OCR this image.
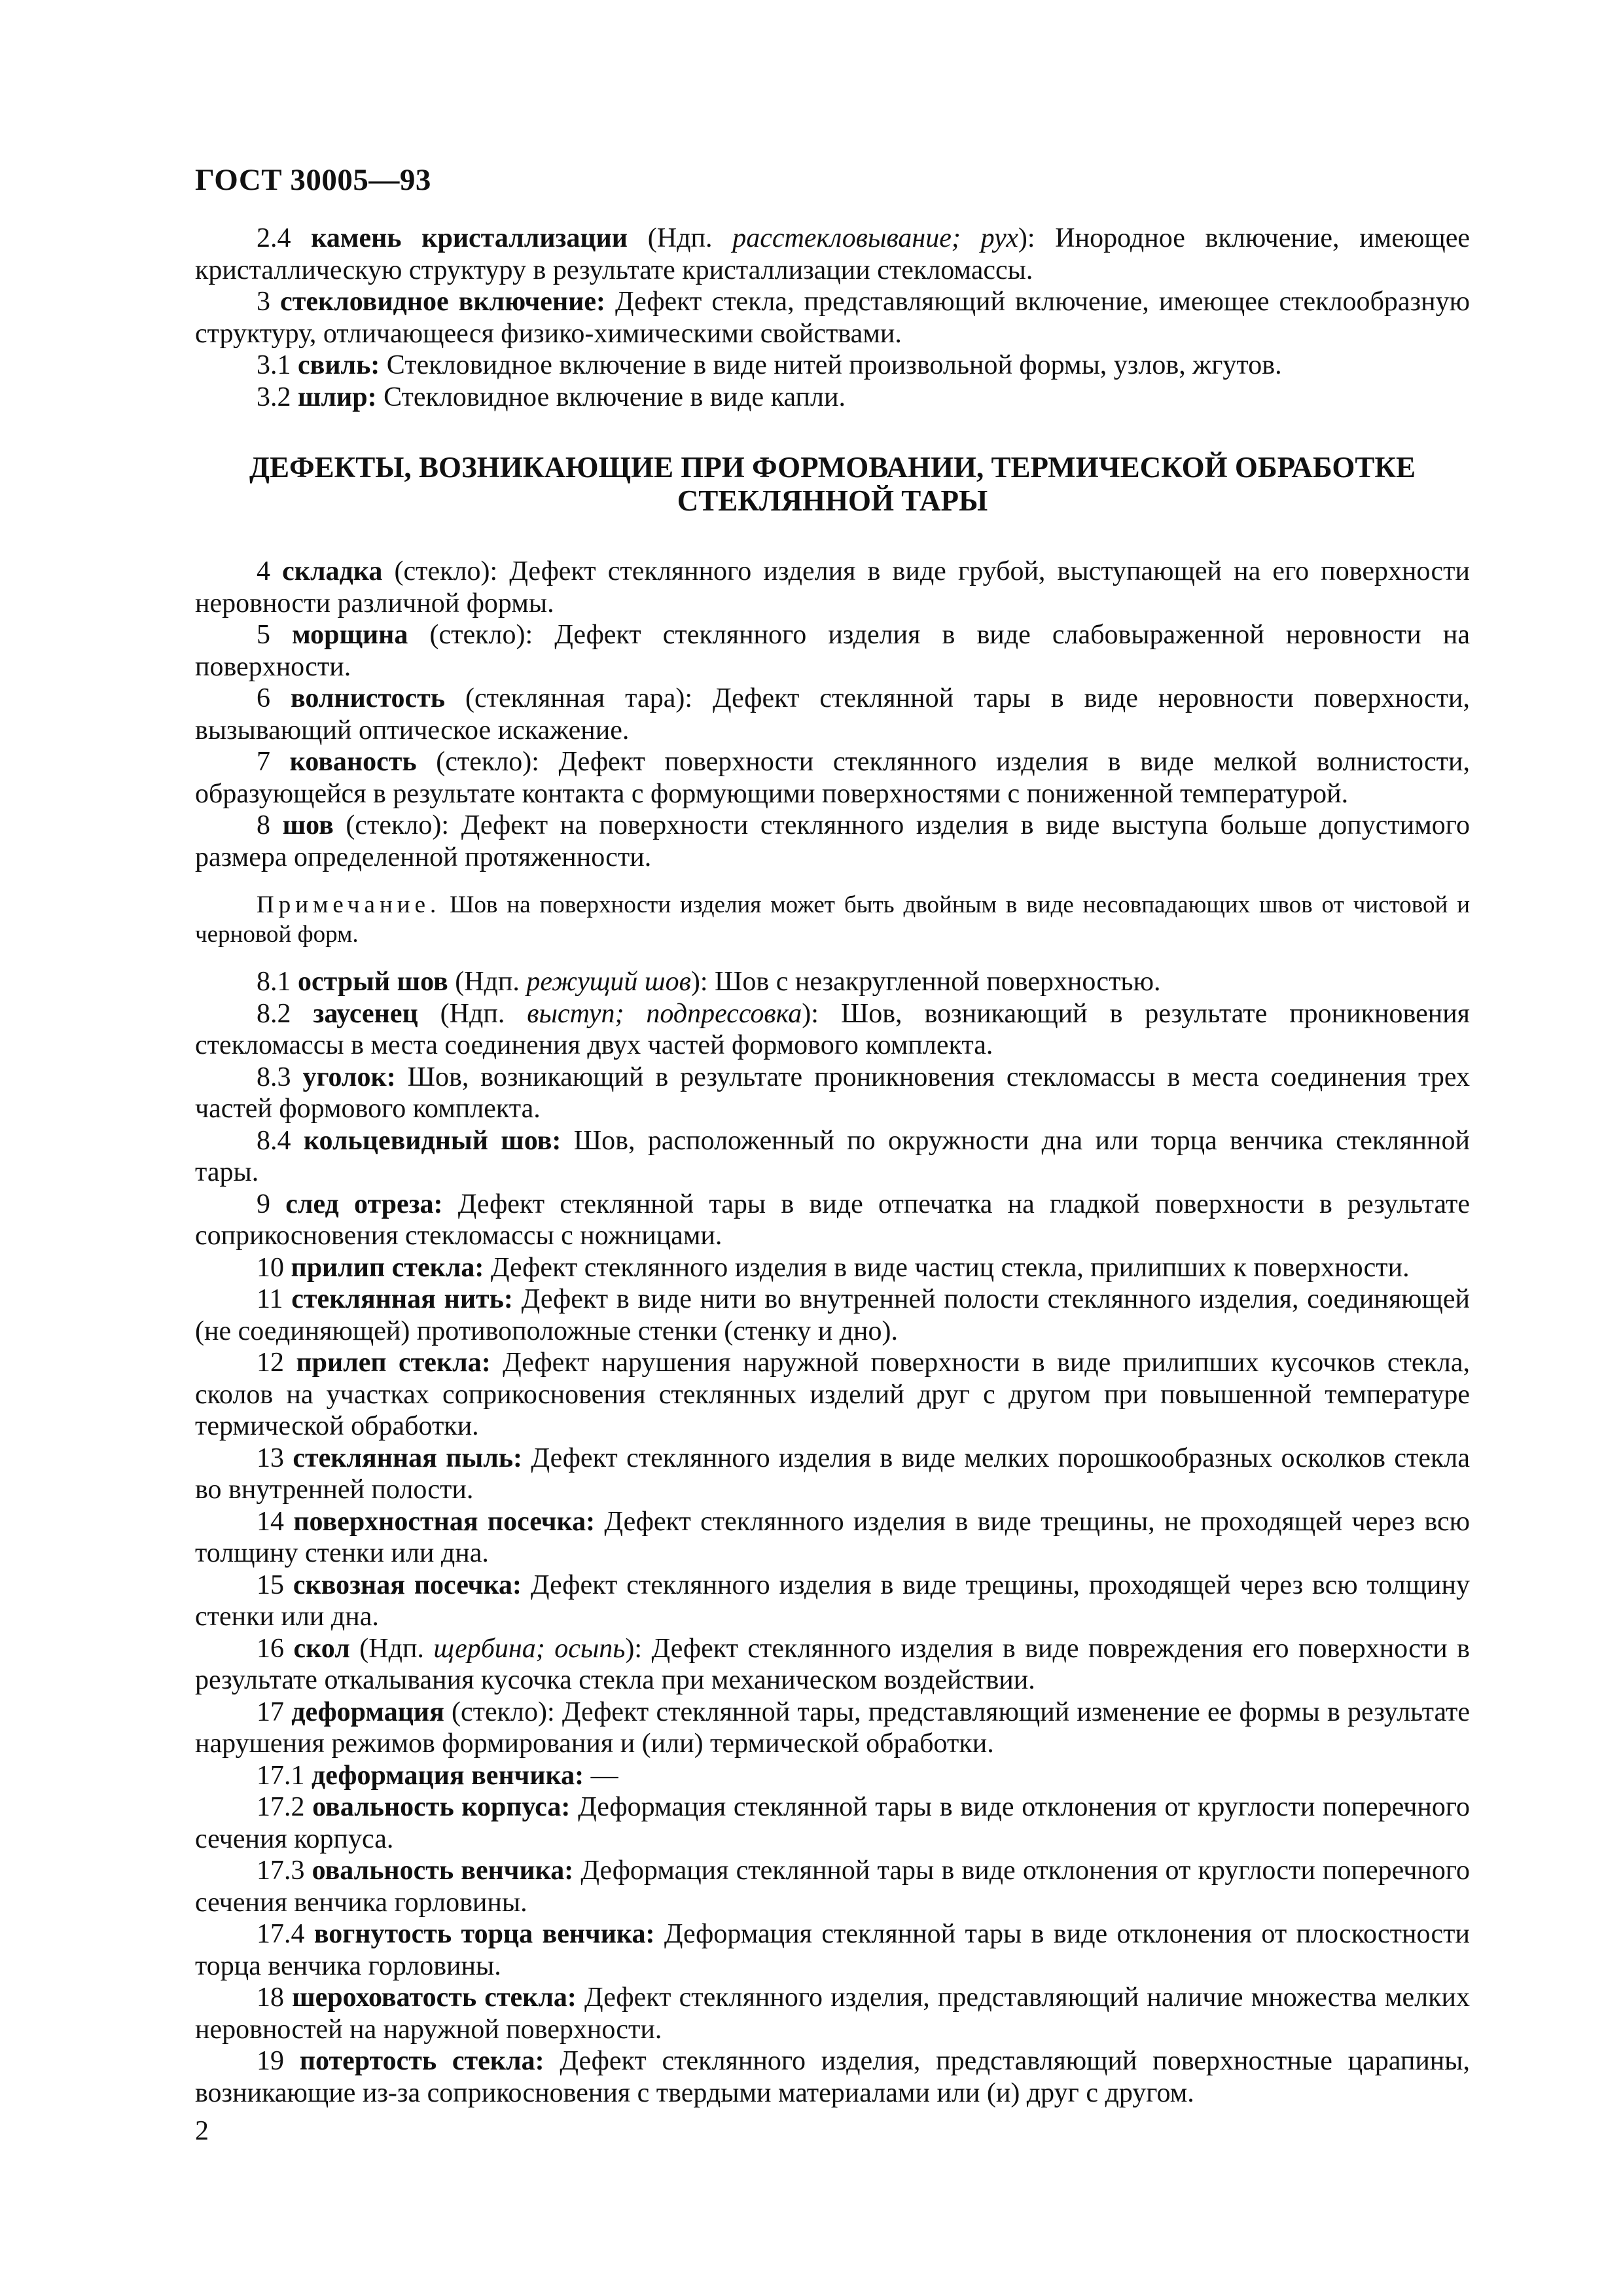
ГОСТ 30005—93

2.4 камень кристаллизации (Ндп. расстекловывание; рух): Инородное включение, имеющее кристаллическую структуру в результате кристаллизации стекломассы.

3 стекловидное включение: Дефект стекла, представляющий включение, имеющее стеклообразную структуру, отличающееся физико-химическими свойствами.

3.1 свиль: Стекловидное включение в виде нитей произвольной формы, узлов, жгутов.

3.2 шлир: Стекловидное включение в виде капли.

ДЕФЕКТЫ, ВОЗНИКАЮЩИЕ ПРИ ФОРМОВАНИИ, ТЕРМИЧЕСКОЙ ОБРАБОТКЕ СТЕКЛЯННОЙ ТАРЫ

4 складка (стекло): Дефект стеклянного изделия в виде грубой, выступающей на его поверхности неровности различной формы.

5 морщина (стекло): Дефект стеклянного изделия в виде слабовыраженной неровности на поверхности.

6 волнистость (стеклянная тара): Дефект стеклянной тары в виде неровности поверхности, вызывающий оптическое искажение.

7 кованость (стекло): Дефект поверхности стеклянного изделия в виде мелкой волнистости, образующейся в результате контакта с формующими поверхностями с пониженной температурой.

8 шов (стекло): Дефект на поверхности стеклянного изделия в виде выступа больше допустимого размера определенной протяженности.

Примечание. Шов на поверхности изделия может быть двойным в виде несовпадающих швов от чистовой и черновой форм.

8.1 острый шов (Ндп. режущий шов): Шов с незакругленной поверхностью.

8.2 заусенец (Ндп. выступ; подпрессовка): Шов, возникающий в результате проникновения стекломассы в места соединения двух частей формового комплекта.

8.3 уголок: Шов, возникающий в результате проникновения стекломассы в места соединения трех частей формового комплекта.

8.4 кольцевидный шов: Шов, расположенный по окружности дна или торца венчика стеклянной тары.

9 след отреза: Дефект стеклянной тары в виде отпечатка на гладкой поверхности в результате соприкосновения стекломассы с ножницами.

10 прилип стекла: Дефект стеклянного изделия в виде частиц стекла, прилипших к поверхности.

11 стеклянная нить: Дефект в виде нити во внутренней полости стеклянного изделия, соединяющей (не соединяющей) противоположные стенки (стенку и дно).

12 прилеп стекла: Дефект нарушения наружной поверхности в виде прилипших кусочков стекла, сколов на участках соприкосновения стеклянных изделий друг с другом при повышенной температуре термической обработки.

13 стеклянная пыль: Дефект стеклянного изделия в виде мелких порошкообразных осколков стекла во внутренней полости.

14 поверхностная посечка: Дефект стеклянного изделия в виде трещины, не проходящей через всю толщину стенки или дна.

15 сквозная посечка: Дефект стеклянного изделия в виде трещины, проходящей через всю толщину стенки или дна.

16 скол (Ндп. щербина; осыпь): Дефект стеклянного изделия в виде повреждения его поверхности в результате откалывания кусочка стекла при механическом воздействии.

17 деформация (стекло): Дефект стеклянной тары, представляющий изменение ее формы в результате нарушения режимов формирования и (или) термической обработки.

17.1 деформация венчика: —

17.2 овальность корпуса: Деформация стеклянной тары в виде отклонения от круглости поперечного сечения корпуса.

17.3 овальность венчика: Деформация стеклянной тары в виде отклонения от круглости поперечного сечения венчика горловины.

17.4 вогнутость торца венчика: Деформация стеклянной тары в виде отклонения от плоскостности торца венчика горловины.

18 шероховатость стекла: Дефект стеклянного изделия, представляющий наличие множества мелких неровностей на наружной поверхности.

19 потертость стекла: Дефект стеклянного изделия, представляющий поверхностные царапины, возникающие из-за соприкосновения с твердыми материалами или (и) друг с другом.

2
